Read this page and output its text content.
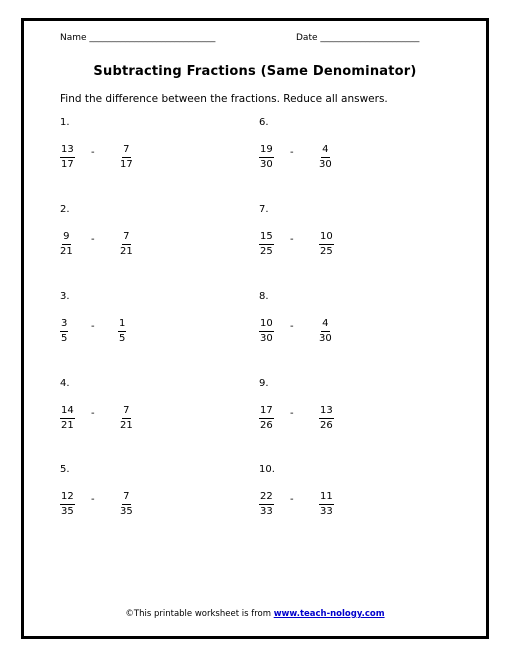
Name ____________________________	Date ______________________
Subtracting Fractions (Same Denominator)
Find the difference between the fractions. Reduce all answers.
1.
$\frac{13}{17}$ -	$\frac{7}{17}$
2.
$\frac{9}{21}$ -	$\frac{7}{21}$
3.
$\frac{3}{5} - \frac{1}{5}$
4.
$\frac{14}{21}$ -	$\frac{7}{21}$
5.
$\frac{12}{35}$ -	$\frac{7}{35}$
6.
$\frac{19}{30}$ -	$\frac{4}{30}$
7.
$\frac{15}{25}$ -	$\frac{10}{25}$
8.
$\frac{10}{30}$ -	$\frac{4}{30}$
9.
$\frac{17}{26}$ -	$\frac{13}{26}$
10.
$\frac{22}{33}$ -	$\frac{11}{33}$
©This printable worksheet is from www.teach-nology.com
